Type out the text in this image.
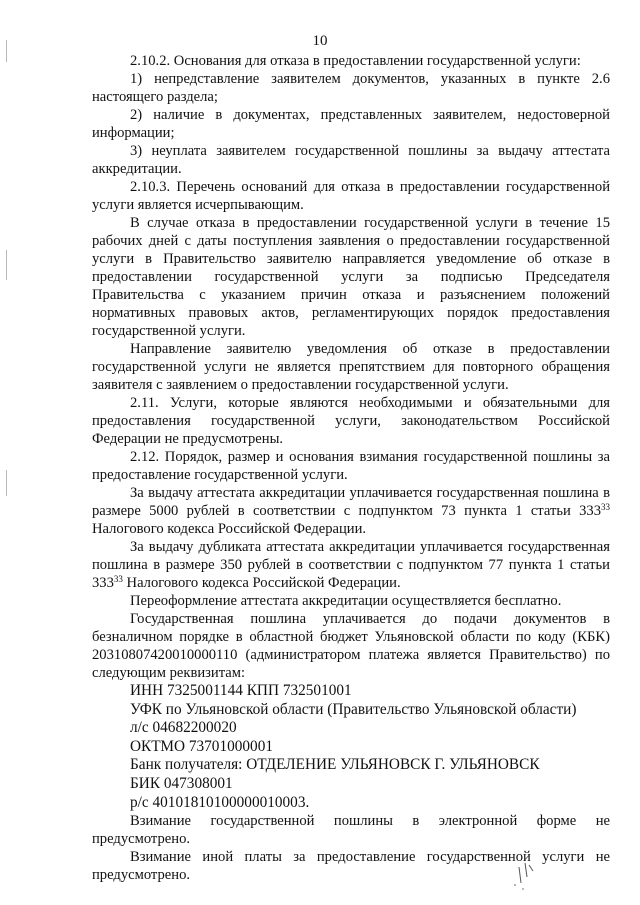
10

2.10.2. Основания для отказа в предоставлении государственной услуги:

1) непредставление заявителем документов, указанных в пункте 2.6 настоящего раздела;

2) наличие в документах, представленных заявителем, недостоверной информации;

3) неуплата заявителем государственной пошлины за выдачу аттестата аккредитации.

2.10.3. Перечень оснований для отказа в предоставлении государственной услуги является исчерпывающим.

В случае отказа в предоставлении государственной услуги в течение 15 рабочих дней с даты поступления заявления о предоставлении государственной услуги в Правительство заявителю направляется уведомление об отказе в предоставлении государственной услуги за подписью Председателя Правительства с указанием причин отказа и разъяснением положений нормативных правовых актов, регламентирующих порядок предоставления государственной услуги.

Направление заявителю уведомления об отказе в предоставлении государственной услуги не является препятствием для повторного обращения заявителя с заявлением о предоставлении государственной услуги.

2.11. Услуги, которые являются необходимыми и обязательными для предоставления государственной услуги, законодательством Российской Федерации не предусмотрены.

2.12. Порядок, размер и основания взимания государственной пошлины за предоставление государственной услуги.

За выдачу аттестата аккредитации уплачивается государственная пошлина в размере 5000 рублей в соответствии с подпунктом 73 пункта 1 статьи $333^{33}$ Налогового кодекса Российской Федерации.

За выдачу дубликата аттестата аккредитации уплачивается государственная пошлина в размере 350 рублей в соответствии с подпунктом 77 пункта 1 статьи $333^{33}$ Налогового кодекса Российской Федерации.

Переоформление аттестата аккредитации осуществляется бесплатно.

Государственная пошлина уплачивается до подачи документов в безналичном порядке в областной бюджет Ульяновской области по коду (КБК) 20310807420010000110 (администратором платежа является Правительство) по следующим реквизитам:

ИНН 7325001144 КПП 732501001

УФК по Ульяновской области (Правительство Ульяновской области)

л/с 04682200020

ОКТМО 73701000001

Банк получателя: ОТДЕЛЕНИЕ УЛЬЯНОВСК Г. УЛЬЯНОВСК

БИК 047308001

р/с 40101810100000010003.

Взимание государственной пошлины в электронной форме не предусмотрено.

Взимание иной платы за предоставление государственной услуги не предусмотрено.
